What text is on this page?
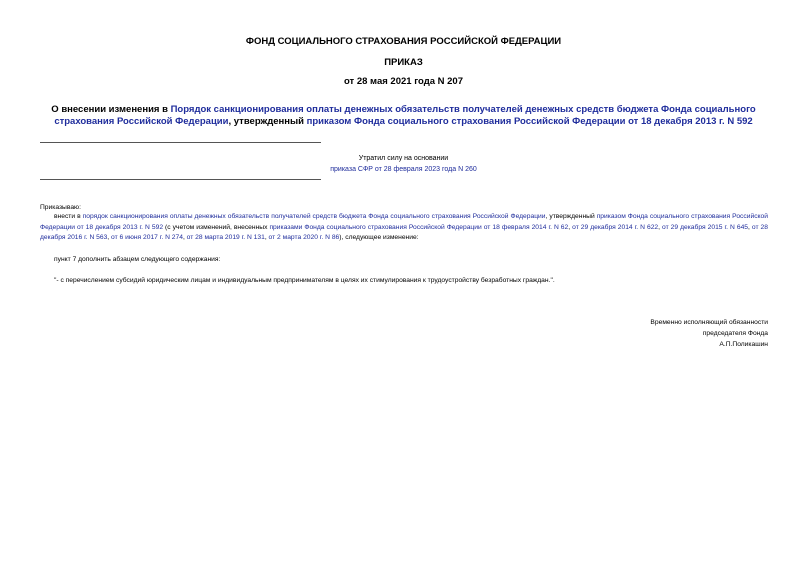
ФОНД СОЦИАЛЬНОГО СТРАХОВАНИЯ РОССИЙСКОЙ ФЕДЕРАЦИИ
ПРИКАЗ
от 28 мая 2021 года N 207
О внесении изменения в Порядок санкционирования оплаты денежных обязательств получателей денежных средств бюджета Фонда социального страхования Российской Федерации, утвержденный приказом Фонда социального страхования Российской Федерации от 18 декабря 2013 г. N 592
Утратил силу на основании
приказа СФР от 28 февраля 2023 года N 260
Приказываю:
внести в порядок санкционирования оплаты денежных обязательств получателей средств бюджета Фонда социального страхования Российской Федерации, утвержденный приказом Фонда социального страхования Российской Федерации от 18 декабря 2013 г. N 592 (с учетом изменений, внесенных приказами Фонда социального страхования Российской Федерации от 18 февраля 2014 г. N 62, от 29 декабря 2014 г. N 622, от 29 декабря 2015 г. N 645, от 28 декабря 2016 г. N 563, от 6 июня 2017 г. N 274, от 28 марта 2019 г. N 131, от 2 марта 2020 г. N 86), следующее изменение:
пункт 7 дополнить абзацем следующего содержания:
"- с перечислением субсидий юридическим лицам и индивидуальным предпринимателям в целях их стимулирования к трудоустройству безработных граждан.".
Временно исполняющий обязанности
председателя Фонда
А.П.Поликашин
